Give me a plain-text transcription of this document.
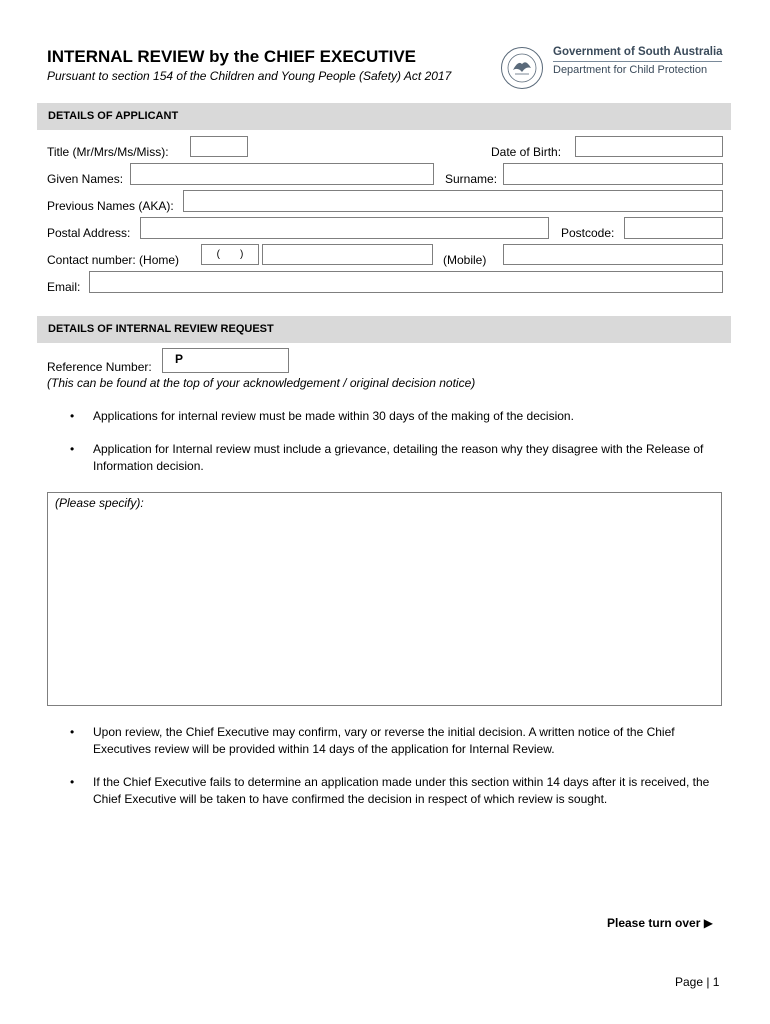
INTERNAL REVIEW by the CHIEF EXECUTIVE
Pursuant to section 154 of the Children and Young People (Safety) Act 2017
Government of South Australia
Department for Child Protection
DETAILS OF APPLICANT
Title (Mr/Mrs/Ms/Miss):	Date of Birth:
Given Names:	Surname:
Previous Names (AKA):
Postal Address:	Postcode:
Contact number: (Home)	( )	(Mobile)
Email:
DETAILS OF INTERNAL REVIEW REQUEST
Reference Number:
P
(This can be found at the top of your acknowledgement / original decision notice)
• Applications for internal review must be made within 30 days of the making of the decision.
• Application for Internal review must include a grievance, detailing the reason why they disagree with the Release of Information decision.
(Please specify):
• Upon review, the Chief Executive may confirm, vary or reverse the initial decision. A written notice of the Chief Executives review will be provided within 14 days of the application for Internal Review.
• If the Chief Executive fails to determine an application made under this section within 14 days after it is received, the Chief Executive will be taken to have confirmed the decision in respect of which review is sought.
Please turn over ▶
Page | 1
